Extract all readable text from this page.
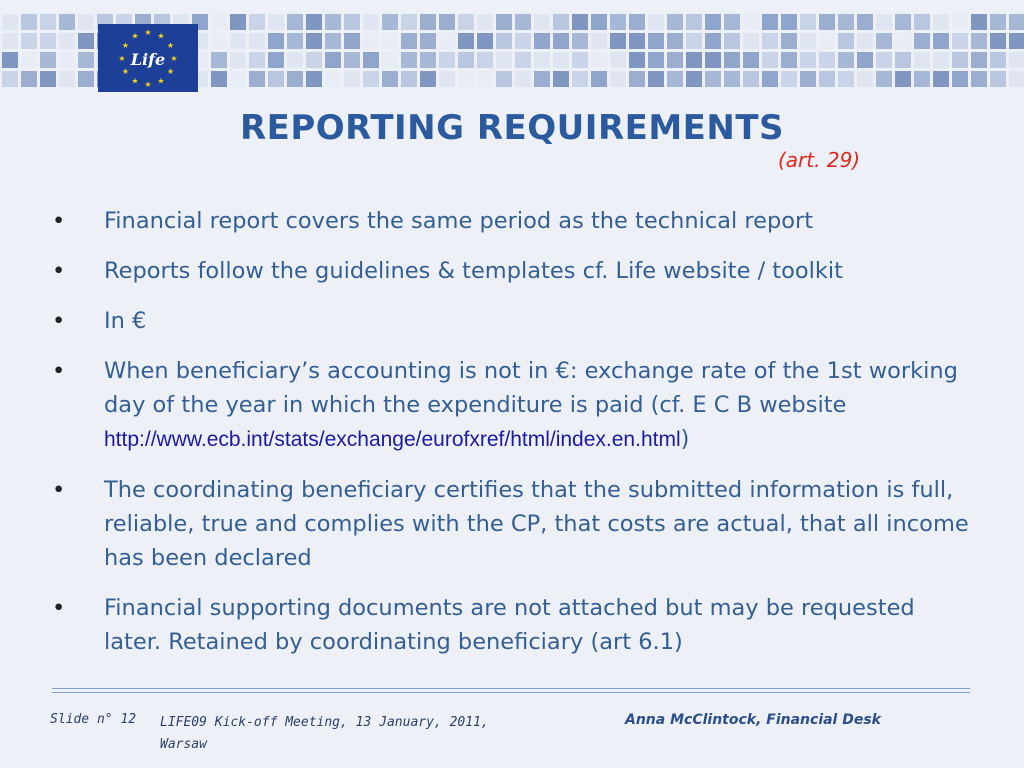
★ ★
★
★
★
★
★
★
★
★
★
★
Life
REPORTING REQUIREMENTS
(art. 29)
• Financial report covers the same period as the technical report
• Reports follow the guidelines & templates cf. Life website / toolkit
• In €
• When beneficiary’s accounting is not in €: exchange rate of the 1st working day of the year in which the expenditure is paid (cf. E C B website http://www.ecb.int/stats/exchange/eurofxref/html/index.en.html)
• The coordinating beneficiary certifies that the submitted information is full, reliable, true and complies with the CP, that costs are actual, that all income has been declared
• Financial supporting documents are not attached but may be requested later. Retained by coordinating beneficiary (art 6.1)
Slide n° 12 LIFE09 Kick-off Meeting, 13 January, 2011, Warsaw
Anna McClintock, Financial Desk
